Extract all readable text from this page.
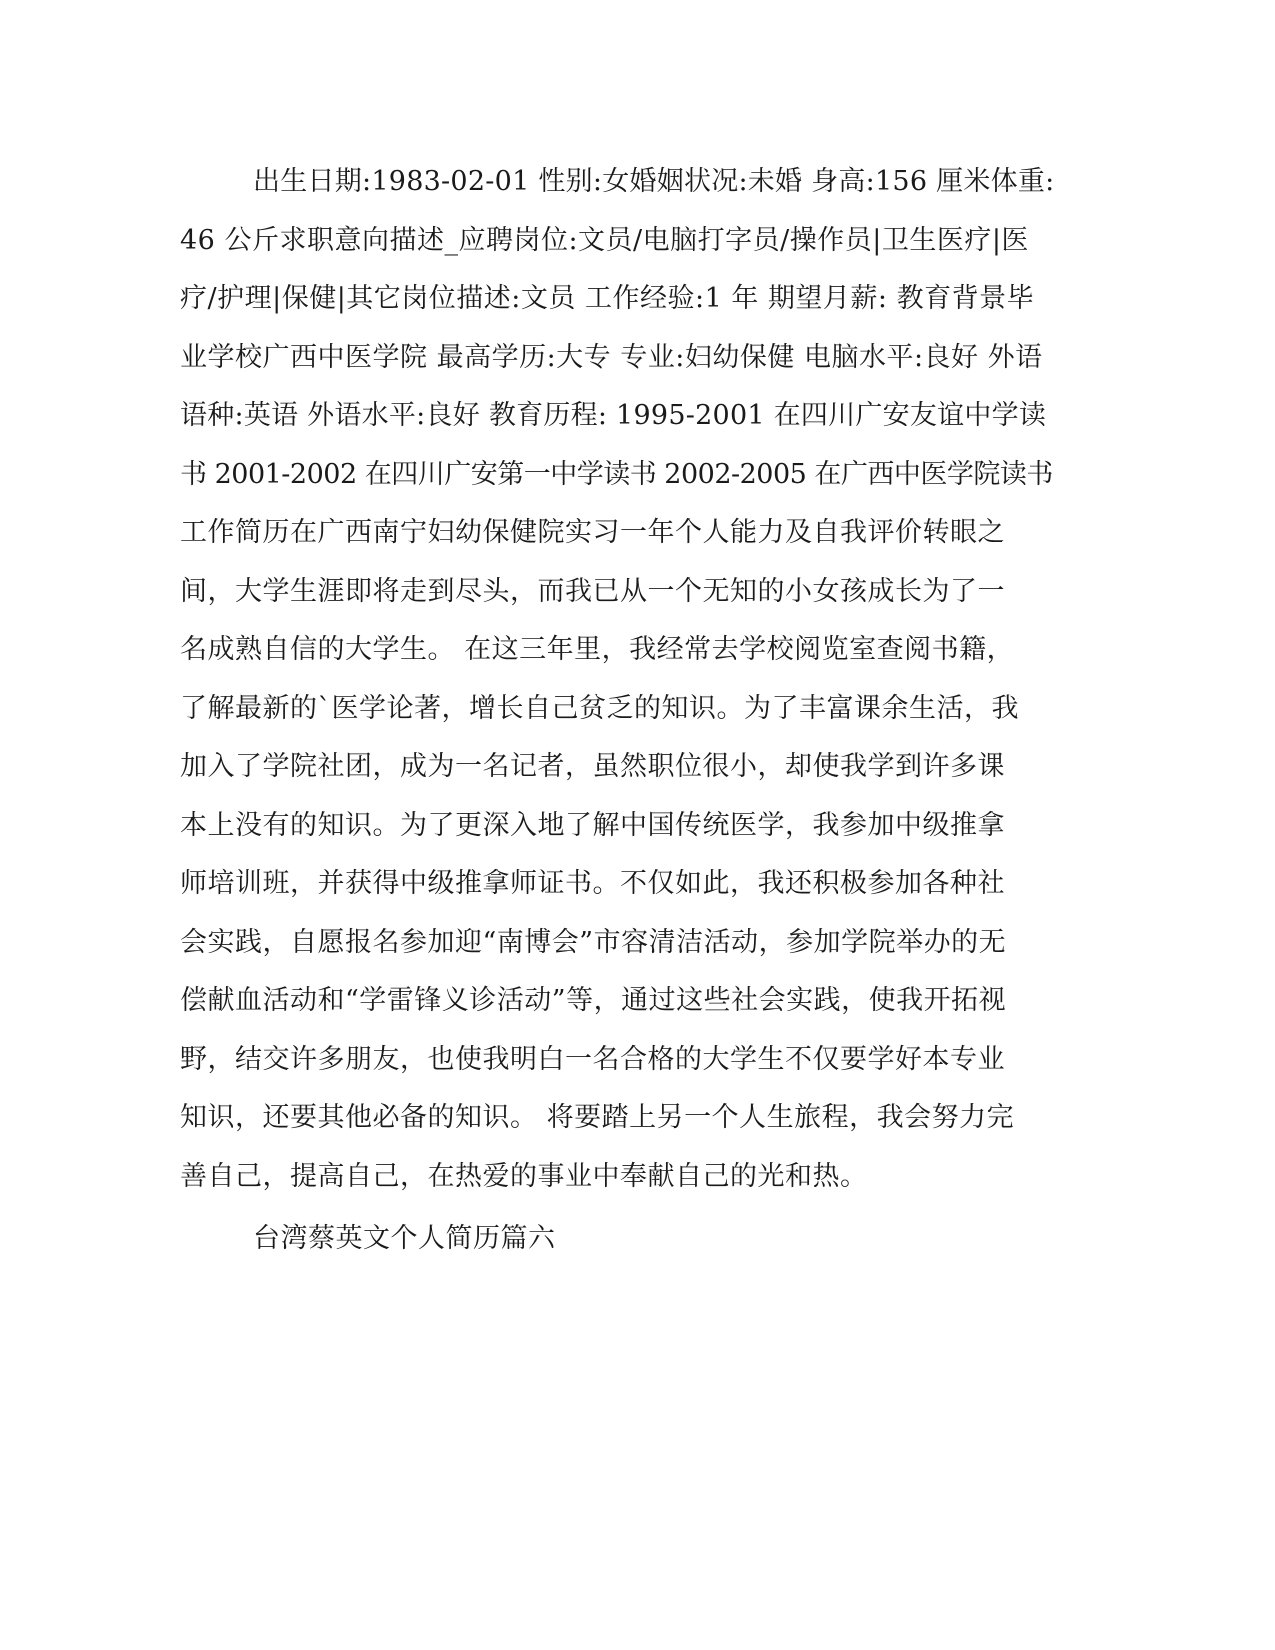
出生日期:1983-02-01 性别:女婚姻状况:未婚 身高:156 厘米体重:
46 公斤求职意向描述_应聘岗位:文员/电脑打字员/操作员|卫生医疗|医
疗/护理|保健|其它岗位描述:文员 工作经验:1 年 期望月薪: 教育背景毕
业学校广西中医学院 最高学历:大专 专业:妇幼保健 电脑水平:良好 外语
语种:英语 外语水平:良好 教育历程: 1995-2001 在四川广安友谊中学读
书 2001-2002 在四川广安第一中学读书 2002-2005 在广西中医学院读书
工作简历在广西南宁妇幼保健院实习一年个人能力及自我评价转眼之
间，大学生涯即将走到尽头，而我已从一个无知的小女孩成长为了一
名成熟自信的大学生。 在这三年里，我经常去学校阅览室查阅书籍，
了解最新的`医学论著，增长自己贫乏的知识。为了丰富课余生活，我
加入了学院社团，成为一名记者，虽然职位很小，却使我学到许多课
本上没有的知识。为了更深入地了解中国传统医学，我参加中级推拿
师培训班，并获得中级推拿师证书。不仅如此，我还积极参加各种社
会实践，自愿报名参加迎“南博会”市容清洁活动，参加学院举办的无
偿献血活动和“学雷锋义诊活动”等，通过这些社会实践，使我开拓视
野，结交许多朋友，也使我明白一名合格的大学生不仅要学好本专业
知识，还要其他必备的知识。 将要踏上另一个人生旅程，我会努力完
善自己，提高自己，在热爱的事业中奉献自己的光和热。
台湾蔡英文个人简历篇六
